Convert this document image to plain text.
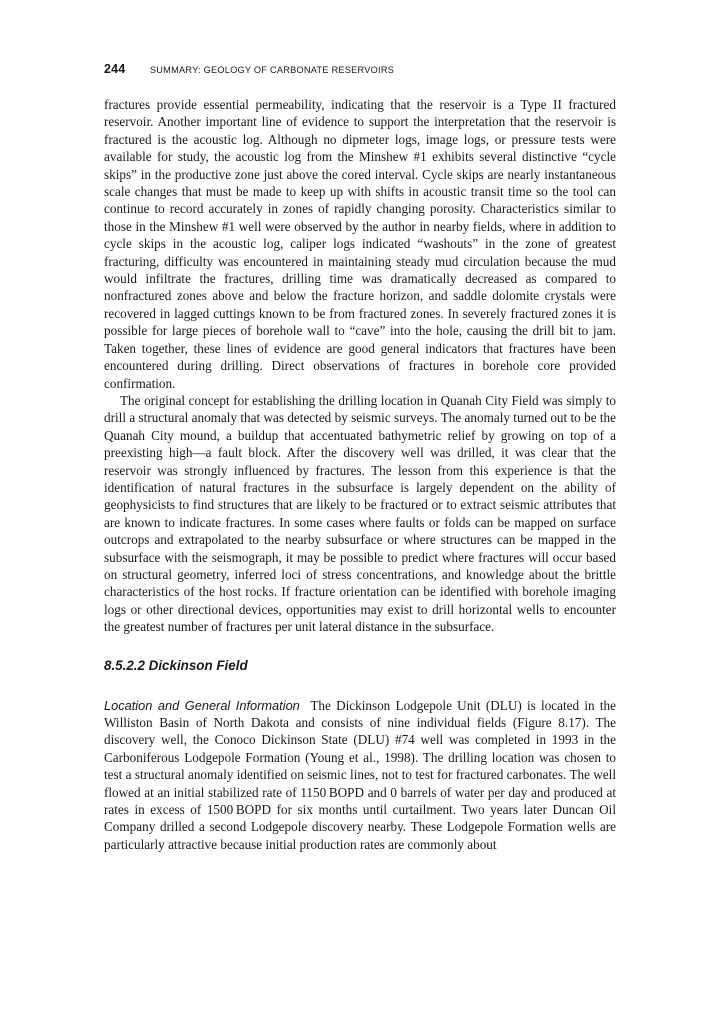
244	SUMMARY: GEOLOGY OF CARBONATE RESERVOIRS

fractures provide essential permeability, indicating that the reservoir is a Type II fractured reservoir. Another important line of evidence to support the interpretation that the reservoir is fractured is the acoustic log. Although no dipmeter logs, image logs, or pressure tests were available for study, the acoustic log from the Minshew #1 exhibits several distinctive “cycle skips” in the productive zone just above the cored interval. Cycle skips are nearly instantaneous scale changes that must be made to keep up with shifts in acoustic transit time so the tool can continue to record accurately in zones of rapidly changing porosity. Characteristics similar to those in the Minshew #1 well were observed by the author in nearby fields, where in addition to cycle skips in the acoustic log, caliper logs indicated “washouts” in the zone of greatest fracturing, difficulty was encountered in maintaining steady mud circulation because the mud would infiltrate the fractures, drilling time was dramatically decreased as compared to nonfractured zones above and below the fracture horizon, and saddle dolomite crystals were recovered in lagged cuttings known to be from fractured zones. In severely fractured zones it is possible for large pieces of borehole wall to “cave” into the hole, causing the drill bit to jam. Taken together, these lines of evidence are good general indicators that fractures have been encountered during drilling. Direct observations of fractures in borehole core provided confirmation.

The original concept for establishing the drilling location in Quanah City Field was simply to drill a structural anomaly that was detected by seismic surveys. The anomaly turned out to be the Quanah City mound, a buildup that accentuated bathymetric relief by growing on top of a preexisting high—a fault block. After the discovery well was drilled, it was clear that the reservoir was strongly influenced by fractures. The lesson from this experience is that the identification of natural fractures in the subsurface is largely dependent on the ability of geophysicists to find structures that are likely to be fractured or to extract seismic attributes that are known to indicate fractures. In some cases where faults or folds can be mapped on surface outcrops and extrapolated to the nearby subsurface or where structures can be mapped in the subsurface with the seismograph, it may be possible to predict where fractures will occur based on structural geometry, inferred loci of stress concentrations, and knowledge about the brittle characteristics of the host rocks. If fracture orientation can be identified with borehole imaging logs or other directional devices, opportunities may exist to drill horizontal wells to encounter the greatest number of fractures per unit lateral distance in the subsurface.

8.5.2.2 Dickinson Field

Location and General Information The Dickinson Lodgepole Unit (DLU) is located in the Williston Basin of North Dakota and consists of nine individual fields (Figure 8.17). The discovery well, the Conoco Dickinson State (DLU) #74 well was completed in 1993 in the Carboniferous Lodgepole Formation (Young et al., 1998). The drilling location was chosen to test a structural anomaly identified on seismic lines, not to test for fractured carbonates. The well flowed at an initial stabilized rate of 1150 BOPD and 0 barrels of water per day and produced at rates in excess of 1500 BOPD for six months until curtailment. Two years later Duncan Oil Company drilled a second Lodgepole discovery nearby. These Lodgepole Formation wells are particularly attractive because initial production rates are commonly about
